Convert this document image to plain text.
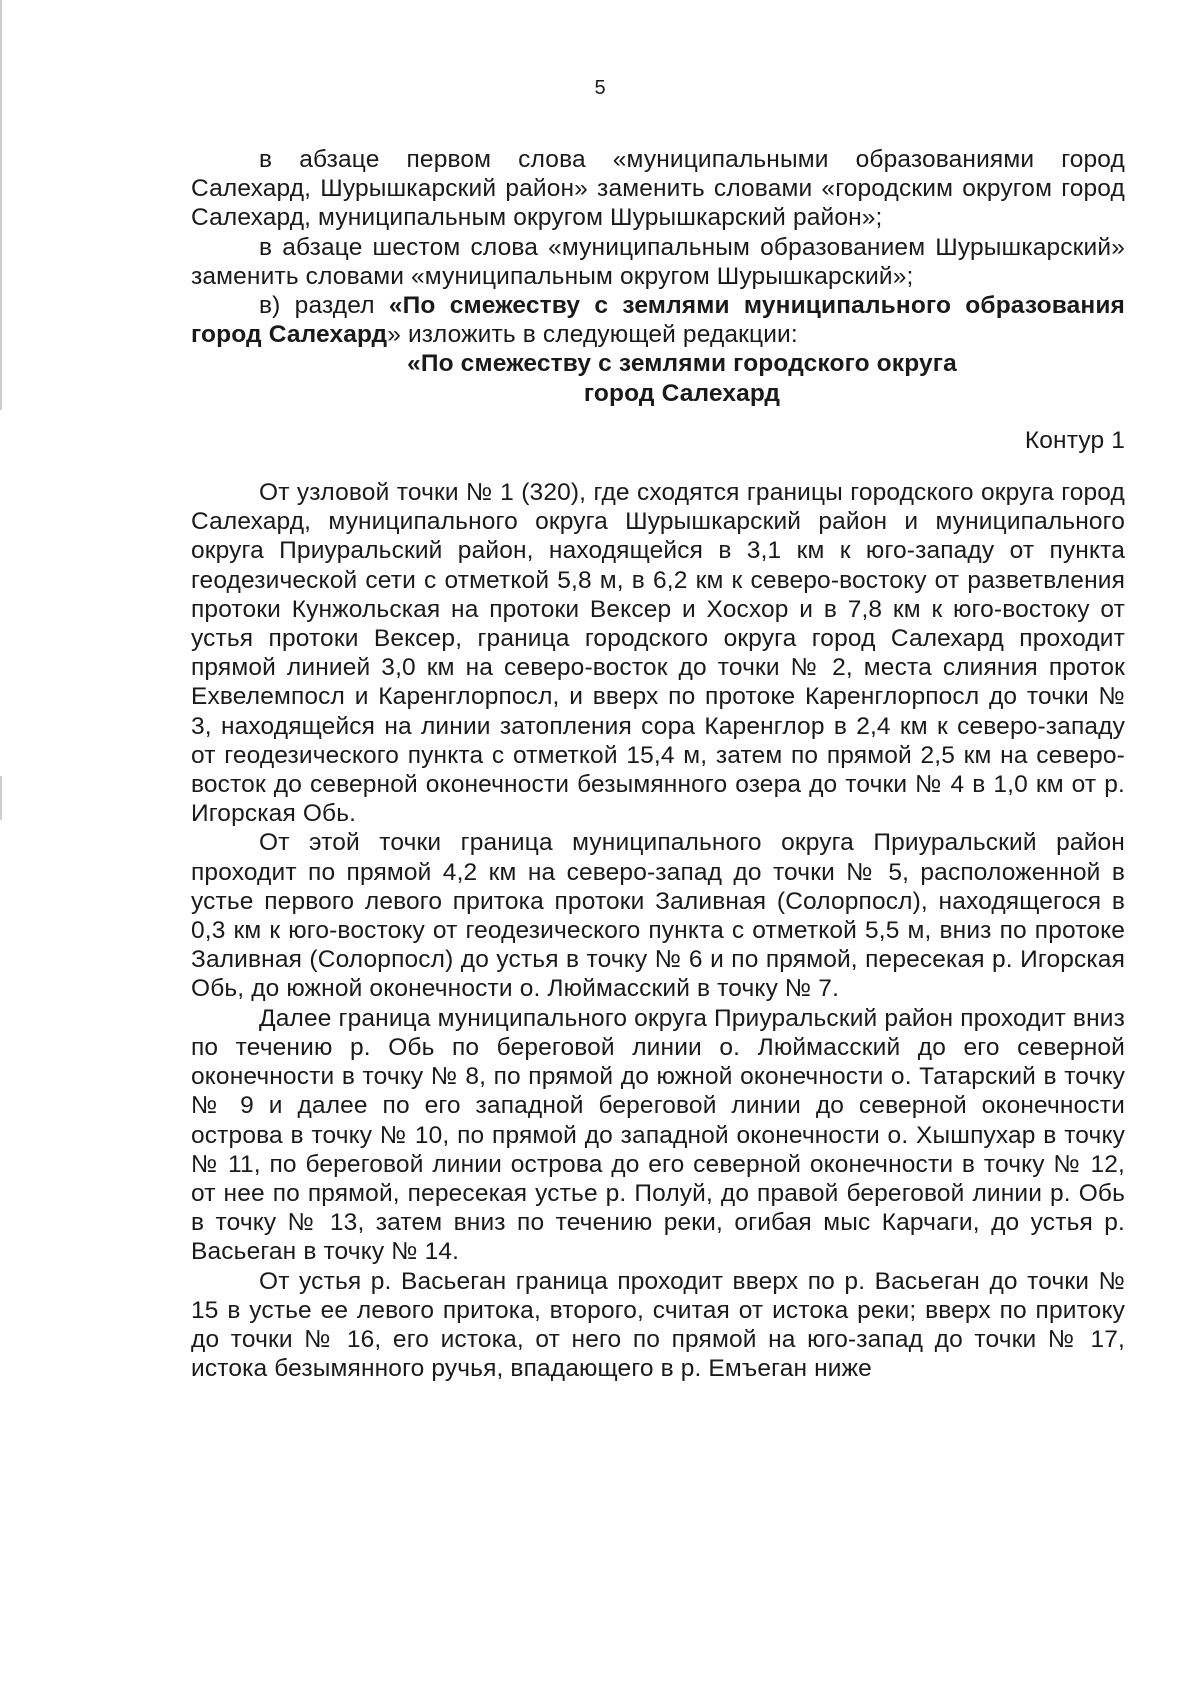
5

в абзаце первом слова «муниципальными образованиями город Салехард, Шурышкарский район» заменить словами «городским округом город Салехард, муниципальным округом Шурышкарский район»;

в абзаце шестом слова «муниципальным образованием Шурышкарский» заменить словами «муниципальным округом Шурышкарский»;

в) раздел «По смежеству с землями муниципального образования город Салехард» изложить в следующей редакции:

«По смежеству с землями городского округа

город Салехард

Контур 1

От узловой точки № 1 (320), где сходятся границы городского округа город Салехард, муниципального округа Шурышкарский район и муниципального округа Приуральский район, находящейся в 3,1 км к юго-западу от пункта геодезической сети с отметкой 5,8 м, в 6,2 км к северо-востоку от разветвления протоки Кунжольская на протоки Вексер и Хосхор и в 7,8 км к юго-востоку от устья протоки Вексер, граница городского округа город Салехард проходит прямой линией 3,0 км на северо-восток до точки № 2, места слияния проток Ехвелемпосл и Каренглорпосл, и вверх по протоке Каренглорпосл до точки № 3, находящейся на линии затопления сора Каренглор в 2,4 км к северо-западу от геодезического пункта с отметкой 15,4 м, затем по прямой 2,5 км на северо-восток до северной оконечности безымянного озера до точки № 4 в 1,0 км от р. Игорская Обь.

От этой точки граница муниципального округа Приуральский район проходит по прямой 4,2 км на северо-запад до точки № 5, расположенной в устье первого левого притока протоки Заливная (Солорпосл), находящегося в 0,3 км к юго-востоку от геодезического пункта с отметкой 5,5 м, вниз по протоке Заливная (Солорпосл) до устья в точку № 6 и по прямой, пересекая р. Игорская Обь, до южной оконечности о. Люймасский в точку № 7.

Далее граница муниципального округа Приуральский район проходит вниз по течению р. Обь по береговой линии о. Люймасский до его северной оконечности в точку № 8, по прямой до южной оконечности о. Татарский в точку № 9 и далее по его западной береговой линии до северной оконечности острова в точку № 10, по прямой до западной оконечности о. Хышпухар в точку № 11, по береговой линии острова до его северной оконечности в точку № 12, от нее по прямой, пересекая устье р. Полуй, до правой береговой линии р. Обь в точку № 13, затем вниз по течению реки, огибая мыс Карчаги, до устья р. Васьеган в точку № 14.

От устья р. Васьеган граница проходит вверх по р. Васьеган до точки № 15 в устье ее левого притока, второго, считая от истока реки; вверх по притоку до точки № 16, его истока, от него по прямой на юго-запад до точки № 17, истока безымянного ручья, впадающего в р. Емъеган ниже
